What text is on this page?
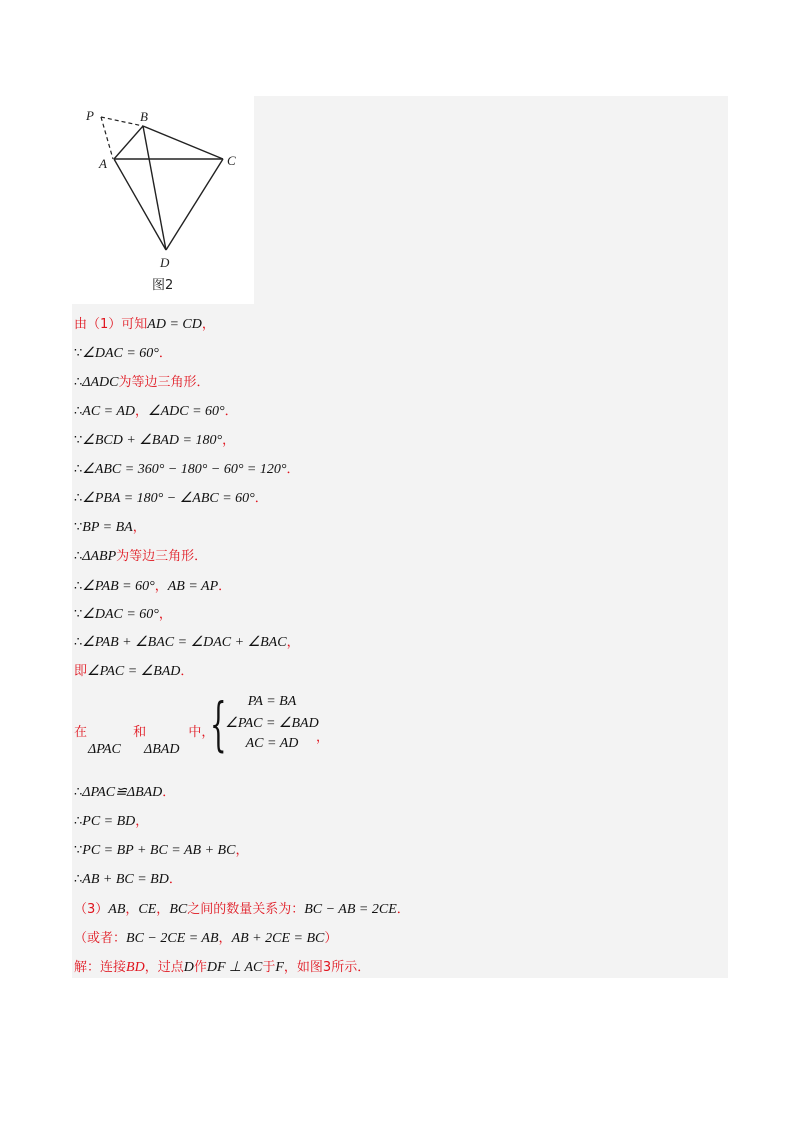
P	B
A	C
D
图2
由（1）可知AD = CD，
∵∠DAC = 60°．
∴ΔADC为等边三角形．
∴AC = AD，∠ADC = 60°．
∵∠BCD + ∠BAD = 180°，
∴∠ABC = 360° − 180° − 60° = 120°．
∴∠PBA = 180° − ∠ABC = 60°．
∵BP = BA，
∴ΔABP为等边三角形．
∴∠PAB = 60°，AB = AP．
∵∠DAC = 60°，
∴∠PAB + ∠BAC = ∠DAC + ∠BAC，
即∠PAC = ∠BAD．
在	和	中，
ΔPAC ΔBAD {	PA = BA
∠PAC = ∠BAD
AC = AD	，
∴ΔPAC≌ΔBAD．
∴PC = BD，
∵PC = BP + BC = AB + BC，
∴AB + BC = BD．
（3）AB，CE，BC之间的数量关系为：BC − AB = 2CE．
（或者：BC − 2CE = AB，AB + 2CE = BC）
解：连接BD，过点D作DF ⊥ AC于F，如图3所示．
